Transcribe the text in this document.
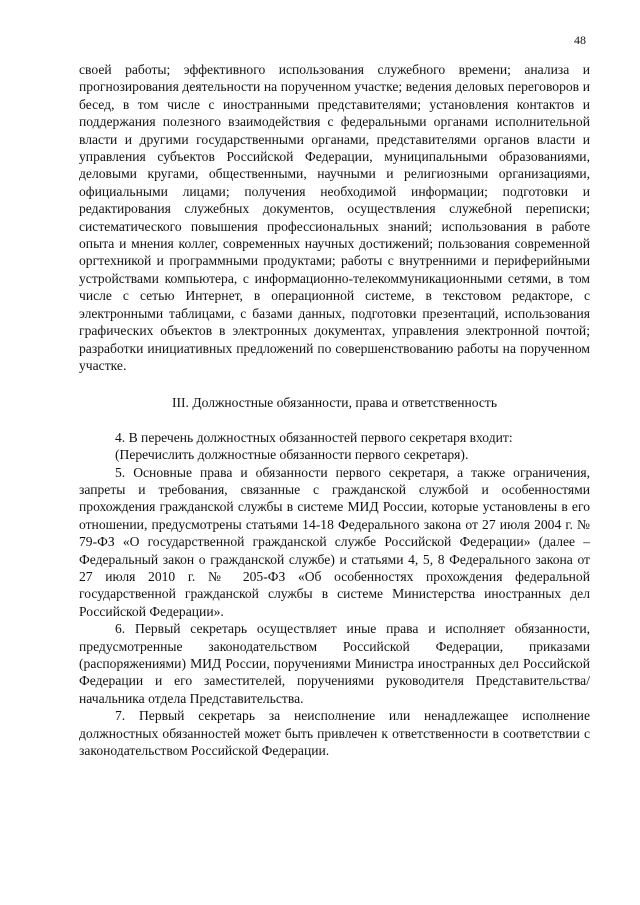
48

своей работы; эффективного использования служебного времени; анализа и прогнозирования деятельности на порученном участке; ведения деловых переговоров и бесед, в том числе с иностранными представителями; установления контактов и поддержания полезного взаимодействия с федеральными органами исполнительной власти и другими государственными органами, представителями органов власти и управления субъектов Российской Федерации, муниципальными образованиями, деловыми кругами, общественными, научными и религиозными организациями, официальными лицами; получения необходимой информации; подготовки и редактирования служебных документов, осуществления служебной переписки; систематического повышения профессиональных знаний; использования в работе опыта и мнения коллег, современных научных достижений; пользования современной оргтехникой и программными продуктами; работы с внутренними и периферийными устройствами компьютера, с информационно-телекоммуникационными сетями, в том числе с сетью Интернет, в операционной системе, в текстовом редакторе, с электронными таблицами, с базами данных, подготовки презентаций, использования графических объектов в электронных документах, управления электронной почтой; разработки инициативных предложений по совершенствованию работы на порученном участке.

III. Должностные обязанности, права и ответственность

4. В перечень должностных обязанностей первого секретаря входит:

(Перечислить должностные обязанности первого секретаря).

5. Основные права и обязанности первого секретаря, а также ограничения, запреты и требования, связанные с гражданской службой и особенностями прохождения гражданской службы в системе МИД России, которые установлены в его отношении, предусмотрены статьями 14-18 Федерального закона от 27 июля 2004 г. № 79-ФЗ «О государственной гражданской службе Российской Федерации» (далее – Федеральный закон о гражданской службе) и статьями 4, 5, 8 Федерального закона от 27 июля 2010 г. № 205-ФЗ «Об особенностях прохождения федеральной государственной гражданской службы в системе Министерства иностранных дел Российской Федерации».

6. Первый секретарь осуществляет иные права и исполняет обязанности, предусмотренные законодательством Российской Федерации, приказами (распоряжениями) МИД России, поручениями Министра иностранных дел Российской Федерации и его заместителей, поручениями руководителя Представительства/начальника отдела Представительства.

7. Первый секретарь за неисполнение или ненадлежащее исполнение должностных обязанностей может быть привлечен к ответственности в соответствии с законодательством Российской Федерации.
